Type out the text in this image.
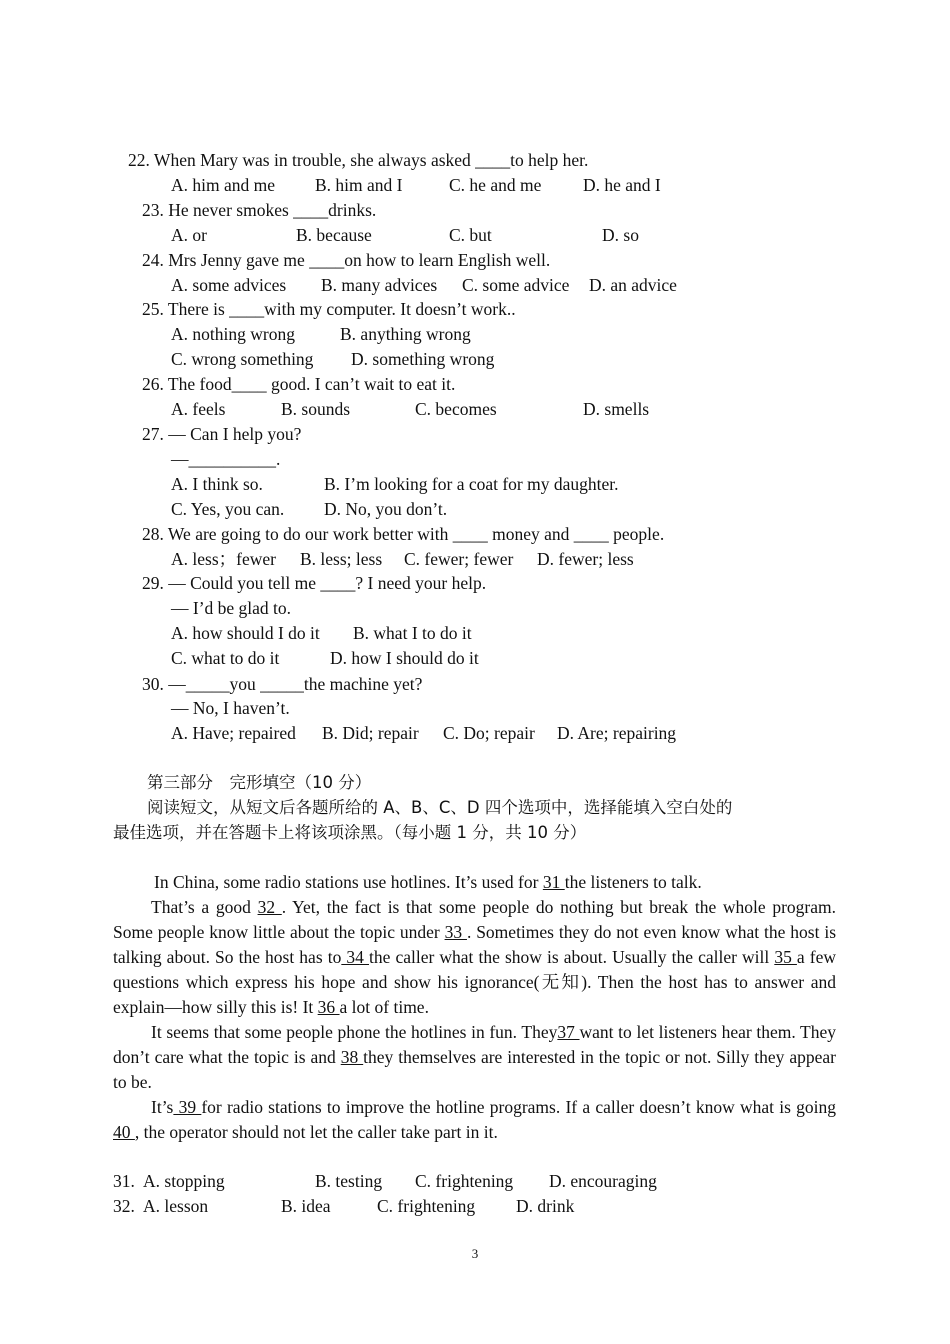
22. When Mary was in trouble, she always asked ____to help her.
A. him and me B. him and I	C. he and me D. he and I
23. He never smokes ____drinks.
A. or	B. because	C. but	D. so
24. Mrs Jenny gave me ____on how to learn English well.
A. some advices B. many advices C. some advice D. an advice
25. There is ____with my computer. It doesn’t work..
A. nothing wrong	B. anything wrong
C. wrong something D. something wrong
26. The food____ good. I can’t wait to eat it.
A. feels	B. sounds	C. becomes	D. smells
27. — Can I help you?
—__________.
A. I think so.	B. I’m looking for a coat for my daughter.
C. Yes, you can. D. No, you don’t.
28. We are going to do our work better with ____ money and ____ people.
A. less；fewer B. less; less C. fewer; fewer D. fewer; less
29. — Could you tell me ____? I need your help.
— I’d be glad to.
A. how should I do it B. what I to do it
C. what to do it	D. how I should do it
30. —_____you _____the machine yet?
— No, I haven’t.
A. Have; repaired B. Did; repair C. Do; repair D. Are; repairing
第三部分　完形填空（10 分）
阅读短文，从短文后各题所给的 A、B、C、D 四个选项中，选择能填入空白处的
最佳选项，并在答题卡上将该项涂黑。（每小题 1 分，共 10 分）

In China, some radio stations use hotlines. It’s used for 31 the listeners to talk.

That’s a good 32 . Yet, the fact is that some people do nothing but break the whole program. Some people know little about the topic under 33 . Sometimes they do not even know what the host is talking about. So the host has to 34 the caller what the show is about. Usually the caller will 35 a few questions which express his hope and show his ignorance(无知). Then the host has to answer and explain—how silly this is! It 36 a lot of time.

It seems that some people phone the hotlines in fun. They37 want to let listeners hear them. They don’t care what the topic is and 38 they themselves are interested in the topic or not. Silly they appear to be.

It’s 39 for radio stations to improve the hotline programs. If a caller doesn’t know what is going 40 , the operator should not let the caller take part in it.

31. A. stopping	B. testing C. frightening D. encouraging
32. A. lesson	B. idea	C. frightening D. drink
3
